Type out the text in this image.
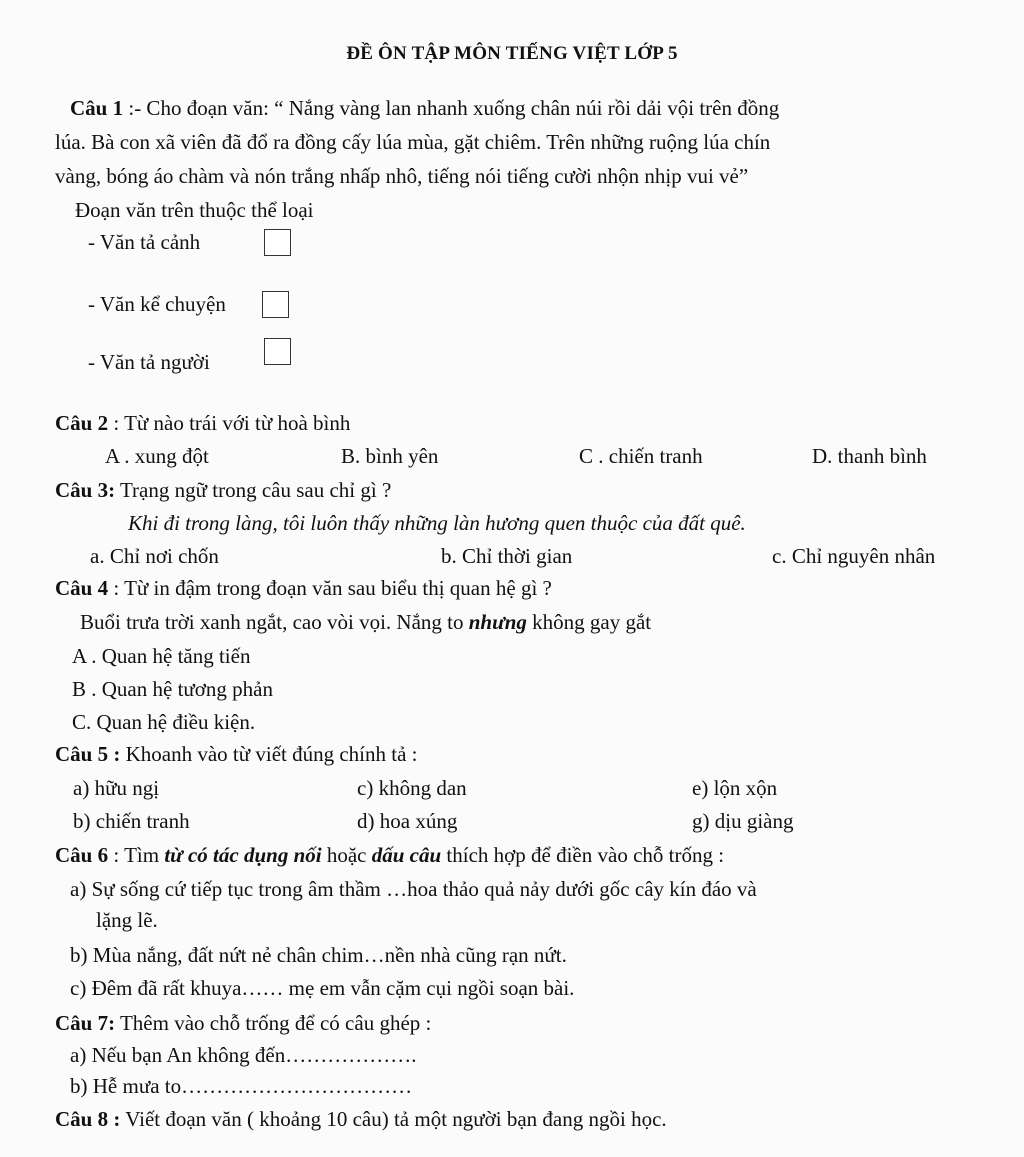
ĐỀ ÔN TẬP MÔN TIẾNG VIỆT LỚP 5
Câu 1 :- Cho đoạn văn: “ Nắng vàng lan nhanh xuống chân núi rồi dải vội trên đồng
lúa. Bà con xã viên đã đổ ra đồng cấy lúa mùa, gặt chiêm. Trên những ruộng lúa chín
vàng, bóng áo chàm và nón trắng nhấp nhô, tiếng nói tiếng cười nhộn nhịp vui vẻ”
Đoạn văn trên thuộc thể loại
- Văn tả cảnh
- Văn kể chuyện
- Văn tả người
Câu 2 : Từ nào trái với từ hoà bình
A . xung đột	B. bình yên	C . chiến tranh	D. thanh bình
Câu 3: Trạng ngữ trong câu sau chỉ gì ?
Khi đi trong làng, tôi luôn thấy những làn hương quen thuộc của đất quê.
a. Chỉ nơi chốn	b. Chỉ thời gian	c. Chỉ nguyên nhân
Câu 4 : Từ in đậm trong đoạn văn sau biểu thị quan hệ gì ?
Buổi trưa trời xanh ngắt, cao vòi vọi. Nắng to nhưng không gay gắt
A . Quan hệ tăng tiến
B . Quan hệ tương phản
C. Quan hệ điều kiện.
Câu 5 : Khoanh vào từ viết đúng chính tả :
a) hữu ngị	c) không dan	e) lộn xộn
b) chiến tranh	d) hoa xúng	g) dịu giàng
Câu 6 : Tìm từ có tác dụng nối hoặc dấu câu thích hợp để điền vào chỗ trống :
a) Sự sống cứ tiếp tục trong âm thầm …hoa thảo quả nảy dưới gốc cây kín đáo và
lặng lẽ.
b) Mùa nắng, đất nứt nẻ chân chim…nền nhà cũng rạn nứt.
c) Đêm đã rất khuya…… mẹ em vẫn cặm cụi ngồi soạn bài.
Câu 7: Thêm vào chỗ trống để có câu ghép :
a) Nếu bạn An không đến……………….
b) Hễ mưa to……………………………
Câu 8 : Viết đoạn văn ( khoảng 10 câu) tả một người bạn đang ngồi học.
